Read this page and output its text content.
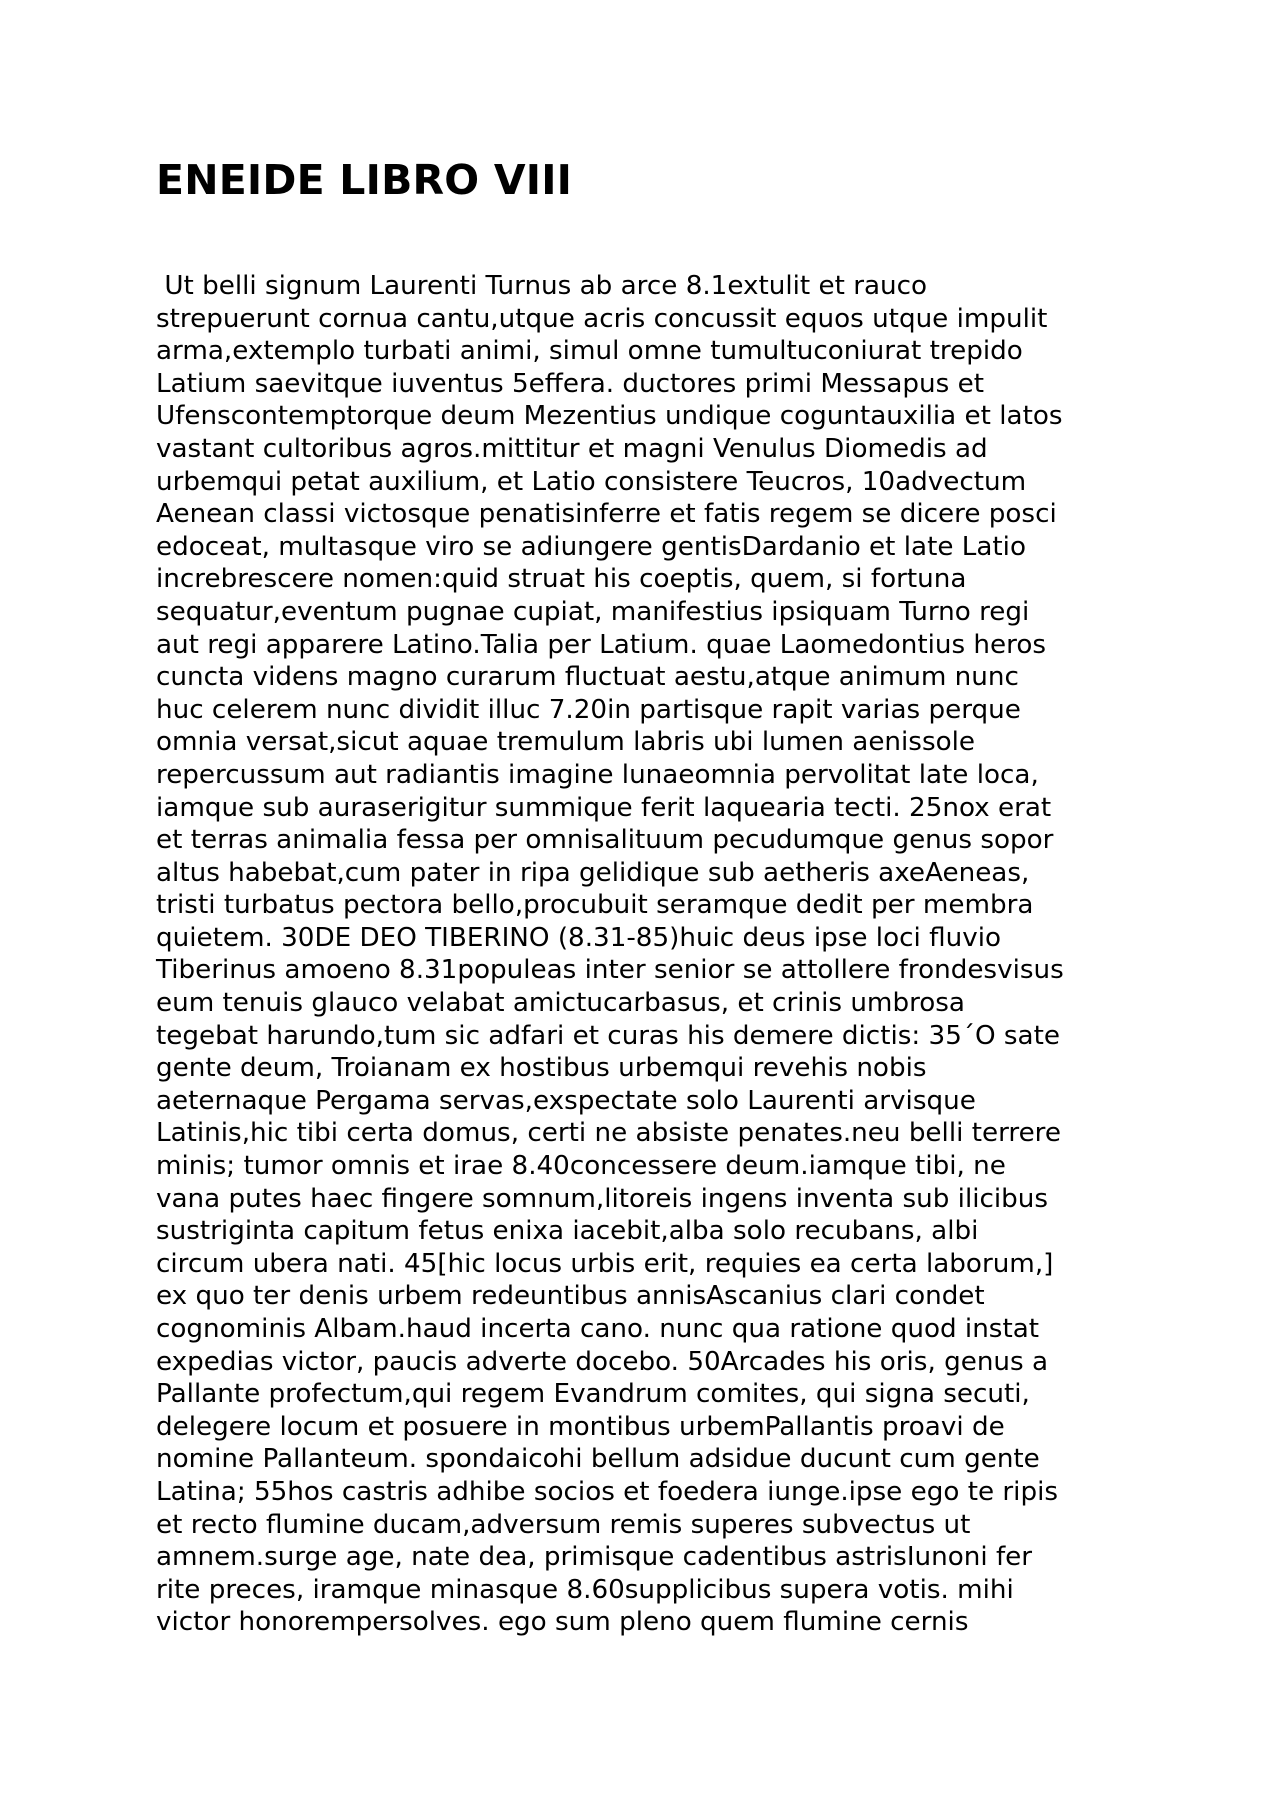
ENEIDE LIBRO VIII
Ut belli signum Laurenti Turnus ab arce 8.1extulit et rauco
strepuerunt cornua cantu,utque acris concussit equos utque impulit
arma,extemplo turbati animi, simul omne tumultuconiurat trepido
Latium saevitque iuventus 5effera. ductores primi Messapus et
Ufenscontemptorque deum Mezentius undique coguntauxilia et latos
vastant cultoribus agros.mittitur et magni Venulus Diomedis ad
urbemqui petat auxilium, et Latio consistere Teucros, 10advectum
Aenean classi victosque penatisinferre et fatis regem se dicere posci
edoceat, multasque viro se adiungere gentisDardanio et late Latio
increbrescere nomen:quid struat his coeptis, quem, si fortuna
sequatur,eventum pugnae cupiat, manifestius ipsiquam Turno regi
aut regi apparere Latino.Talia per Latium. quae Laomedontius heros
cuncta videns magno curarum fluctuat aestu,atque animum nunc
huc celerem nunc dividit illuc 7.20in partisque rapit varias perque
omnia versat,sicut aquae tremulum labris ubi lumen aenissole
repercussum aut radiantis imagine lunaeomnia pervolitat late loca,
iamque sub auraserigitur summique ferit laquearia tecti. 25nox erat
et terras animalia fessa per omnisalituum pecudumque genus sopor
altus habebat,cum pater in ripa gelidique sub aetheris axeAeneas,
tristi turbatus pectora bello,procubuit seramque dedit per membra
quietem. 30DE DEO TIBERINO (8.31-85)huic deus ipse loci fluvio
Tiberinus amoeno 8.31populeas inter senior se attollere frondesvisus
eum tenuis glauco velabat amictucarbasus, et crinis umbrosa
tegebat harundo,tum sic adfari et curas his demere dictis: 35´O sate
gente deum, Troianam ex hostibus urbemqui revehis nobis
aeternaque Pergama servas,exspectate solo Laurenti arvisque
Latinis,hic tibi certa domus, certi ne absiste penates.neu belli terrere
minis; tumor omnis et irae 8.40concessere deum.iamque tibi, ne
vana putes haec fingere somnum,litoreis ingens inventa sub ilicibus
sustriginta capitum fetus enixa iacebit,alba solo recubans, albi
circum ubera nati. 45[hic locus urbis erit, requies ea certa laborum,]
ex quo ter denis urbem redeuntibus annisAscanius clari condet
cognominis Albam.haud incerta cano. nunc qua ratione quod instat
expedias victor, paucis adverte docebo. 50Arcades his oris, genus a
Pallante profectum,qui regem Evandrum comites, qui signa secuti,
delegere locum et posuere in montibus urbemPallantis proavi de
nomine Pallanteum. spondaicohi bellum adsidue ducunt cum gente
Latina; 55hos castris adhibe socios et foedera iunge.ipse ego te ripis
et recto flumine ducam,adversum remis superes subvectus ut
amnem.surge age, nate dea, primisque cadentibus astrisIunoni fer
rite preces, iramque minasque 8.60supplicibus supera votis. mihi
victor honorempersolves. ego sum pleno quem flumine cernis
